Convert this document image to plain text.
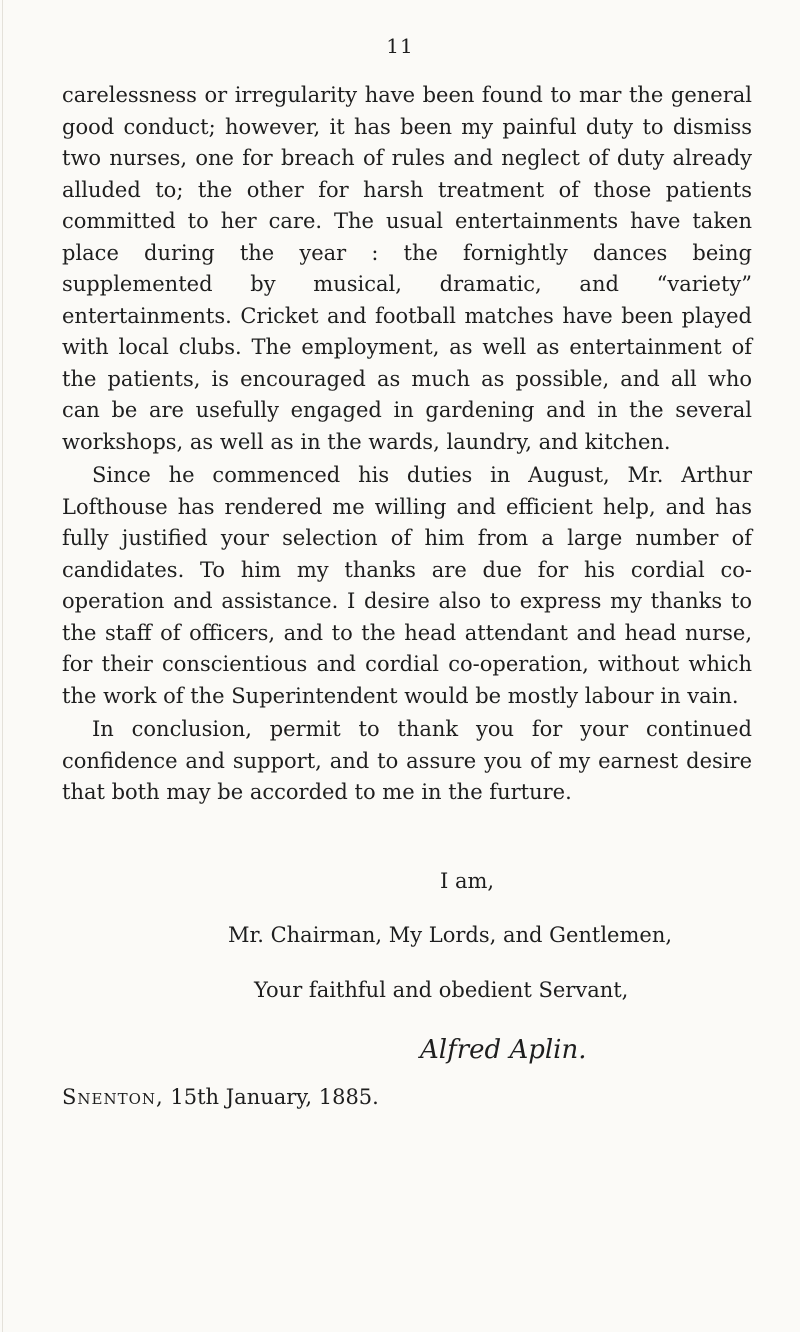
11

carelessness or irregularity have been found to mar the general good conduct; however, it has been my painful duty to dismiss two nurses, one for breach of rules and neglect of duty already alluded to; the other for harsh treatment of those patients committed to her care. The usual entertainments have taken place during the year : the fornightly dances being supplemented by musical, dramatic, and “variety” entertainments. Cricket and football matches have been played with local clubs. The employment, as well as entertainment of the patients, is encouraged as much as possible, and all who can be are usefully engaged in gardening and in the several workshops, as well as in the wards, laundry, and kitchen.

Since he commenced his duties in August, Mr. Arthur Lofthouse has rendered me willing and efficient help, and has fully justified your selection of him from a large number of candidates. To him my thanks are due for his cordial co-operation and assistance. I desire also to express my thanks to the staff of officers, and to the head attendant and head nurse, for their conscientious and cordial co-operation, without which the work of the Superintendent would be mostly labour in vain.

In conclusion, permit to thank you for your continued confidence and support, and to assure you of my earnest desire that both may be accorded to me in the furture.

I am,
Mr. Chairman, My Lords, and Gentlemen,
Your faithful and obedient Servant,
Alfred Aplin.
Snenton, 15th January, 1885.
